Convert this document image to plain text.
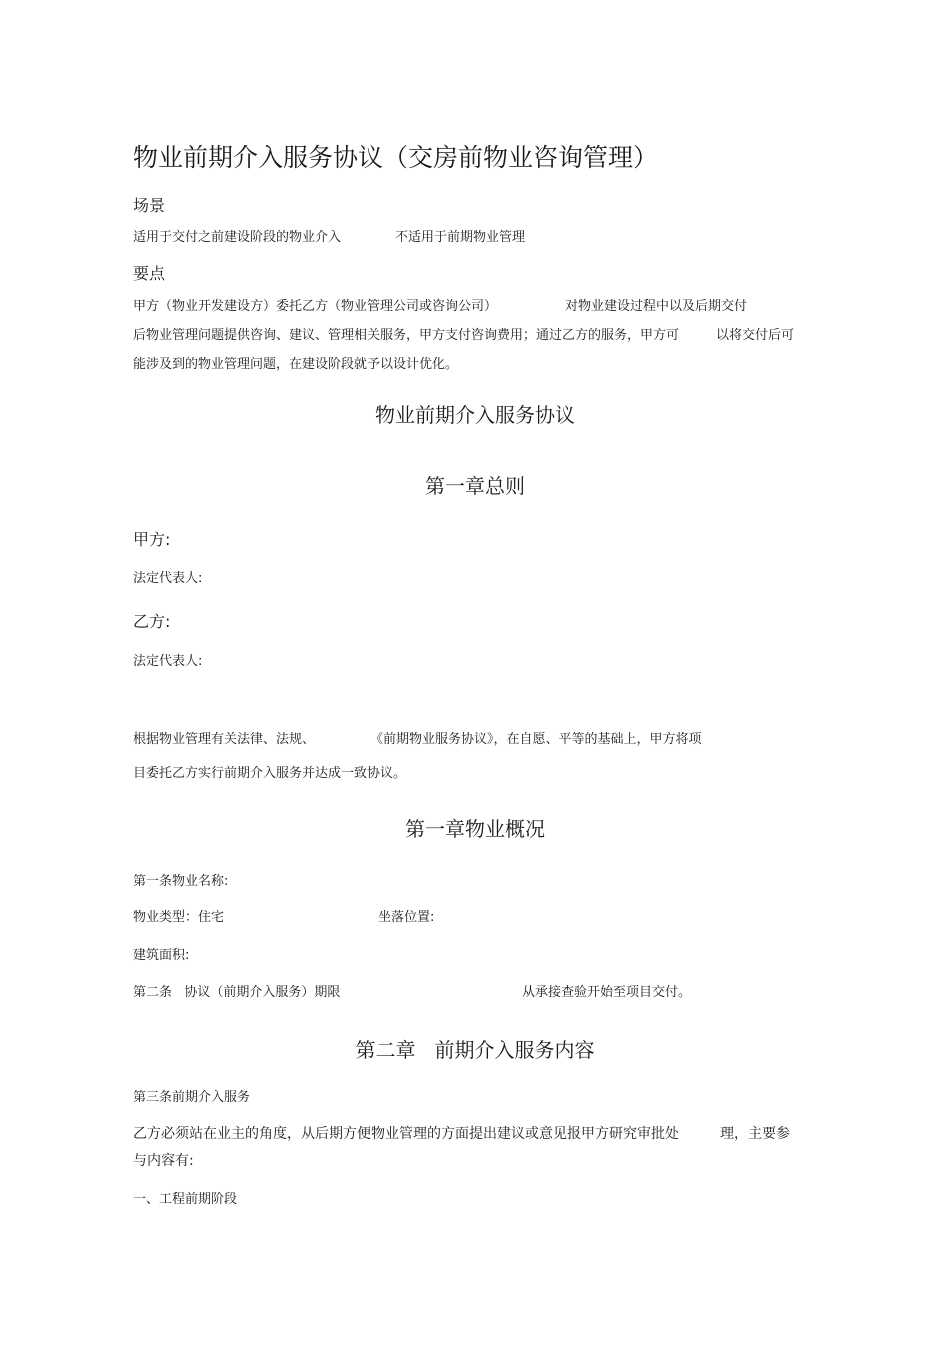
物业前期介入服务协议（交房前物业咨询管理）
场景
适用于交付之前建设阶段的物业介入	不适用于前期物业管理
要点
甲方（物业开发建设方）委托乙方（物业管理公司或咨询公司）	对物业建设过程中以及后期交付
后物业管理问题提供咨询、建议、管理相关服务，甲方支付咨询费用；通过乙方的服务，甲方可	以将交付后可
能涉及到的物业管理问题，在建设阶段就予以设计优化。
物业前期介入服务协议
第一章总则
甲方:
法定代表人:
乙方:
法定代表人:
根据物业管理有关法律、法规、	《前期物业服务协议》，在自愿、平等的基础上，甲方将项
目委托乙方实行前期介入服务并达成一致协议。
第一章物业概况
第一条物业名称:
物业类型：住宅	坐落位置:
建筑面积:
第二条   协议（前期介入服务）期限	从承接查验开始至项目交付。
第二章   前期介入服务内容
第三条前期介入服务
乙方必须站在业主的角度，从后期方便物业管理的方面提出建议或意见报甲方研究审批处	理，主要参
与内容有:
一、工程前期阶段
